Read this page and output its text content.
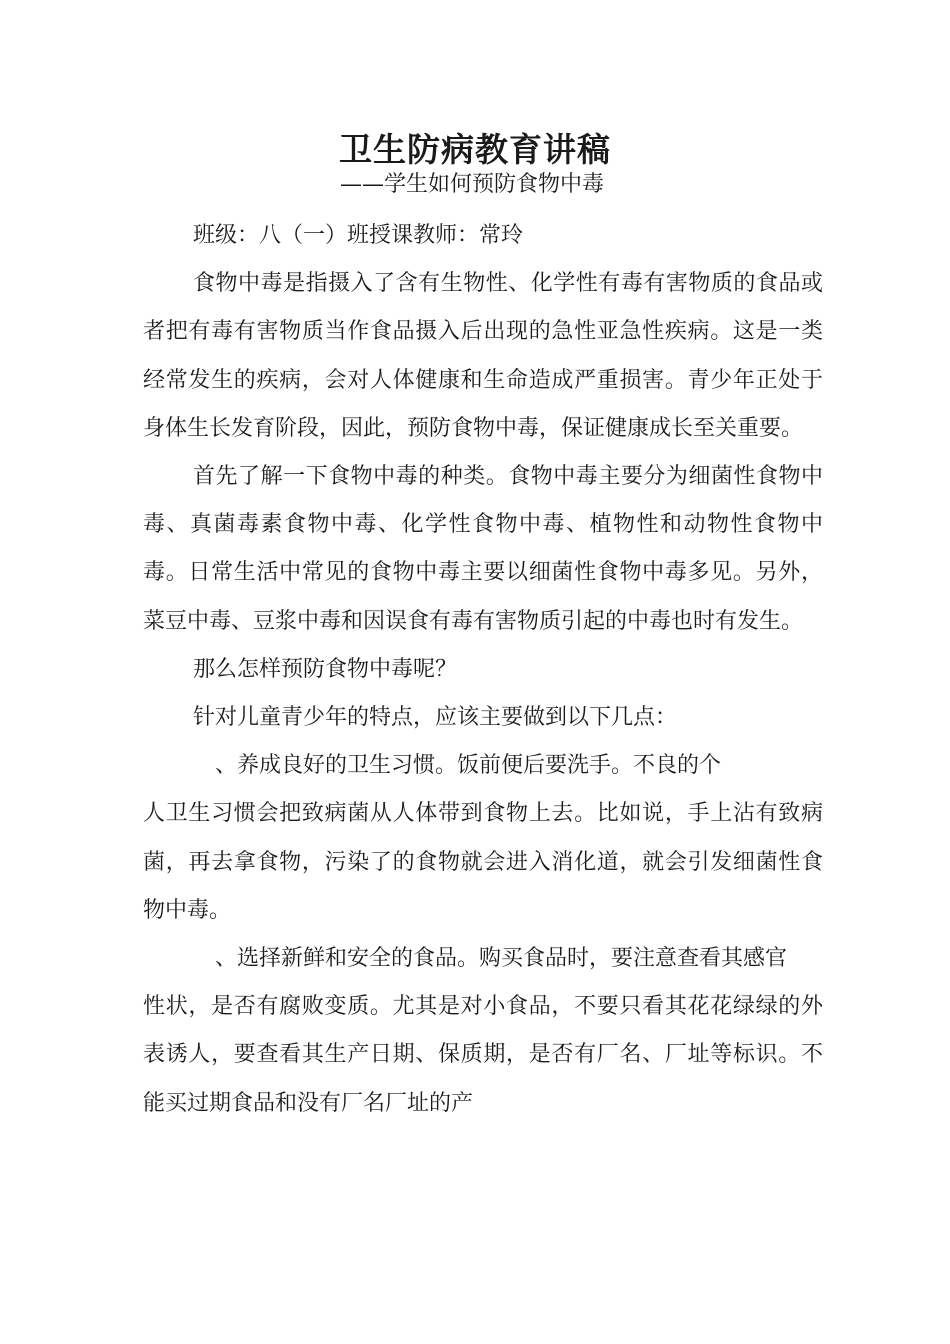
卫生防病教育讲稿
——学生如何预防食物中毒

班级：八（一）班授课教师：常玲

食物中毒是指摄入了含有生物性、化学性有毒有害物质的食品或者把有毒有害物质当作食品摄入后出现的急性亚急性疾病。这是一类经常发生的疾病，会对人体健康和生命造成严重损害。青少年正处于身体生长发育阶段，因此，预防食物中毒，保证健康成长至关重要。

首先了解一下食物中毒的种类。食物中毒主要分为细菌性食物中毒、真菌毒素食物中毒、化学性食物中毒、植物性和动物性食物中毒。日常生活中常见的食物中毒主要以细菌性食物中毒多见。另外，菜豆中毒、豆浆中毒和因误食有毒有害物质引起的中毒也时有发生。

那么怎样预防食物中毒呢？

针对儿童青少年的特点，应该主要做到以下几点：

、养成良好的卫生习惯。饭前便后要洗手。不良的个

人卫生习惯会把致病菌从人体带到食物上去。比如说，手上沾有致病菌，再去拿食物，污染了的食物就会进入消化道，就会引发细菌性食物中毒。

、选择新鲜和安全的食品。购买食品时，要注意查看其感官

性状，是否有腐败变质。尤其是对小食品，不要只看其花花绿绿的外表诱人，要查看其生产日期、保质期，是否有厂名、厂址等标识。不能买过期食品和没有厂名厂址的产
